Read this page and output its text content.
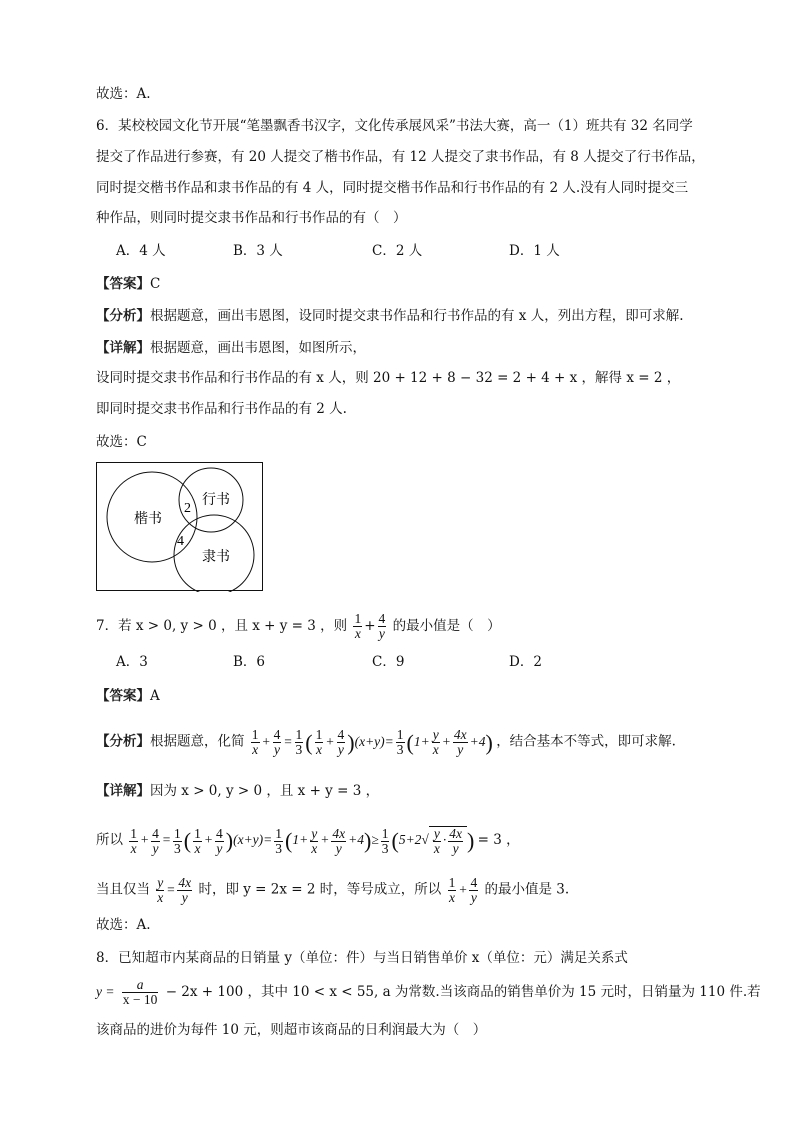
故选：A.
6．某校校园文化节开展“笔墨飘香书汉字，文化传承展风采”书法大赛，高一（1）班共有 32 名同学
提交了作品进行参赛，有 20 人提交了楷书作品，有 12 人提交了隶书作品，有 8 人提交了行书作品，
同时提交楷书作品和隶书作品的有 4 人，同时提交楷书作品和行书作品的有 2 人.没有人同时提交三
种作品，则同时提交隶书作品和行书作品的有（　）
A．4 人	B．3 人	C．2 人	D．1 人
【答案】C
【分析】根据题意，画出韦恩图，设同时提交隶书作品和行书作品的有 x 人，列出方程，即可求解.
【详解】根据题意，画出韦恩图，如图所示，
设同时提交隶书作品和行书作品的有 x 人，则 20 + 12 + 8 − 32 = 2 + 4 + x ，解得 x = 2 ，
即同时提交隶书作品和行书作品的有 2 人.
故选：C
楷书
行书
隶书
2
4
7．若 x > 0, y > 0 ，且 x + y = 3 ，则 $\frac{1}{x} + \frac{4}{y}$ 的最小值是（　）
A．3	B．6	C．9	D．2
【答案】A
【分析】根据题意，化简 $\frac{1}{x} + \frac{4}{y} = \frac{1}{3}$ ( $\frac{1}{x} + \frac{4}{y} )(x+y)= \frac{1}{3} (1+ \frac{y}{x} + \frac{4x}{y} +4)$ ，结合基本不等式，即可求解.
【详解】因为 x > 0, y > 0 ，且 x + y = 3 ，
所以 $\frac{1}{x} + \frac{4}{y} = \frac{1}{3}$ ( $\frac{1}{x} + \frac{4}{y} )(x+y)= \frac{1}{3} (1+ \frac{y}{x} + \frac{4x}{y} +4)\ge \frac{1}{3} (5+2√ \frac{y}{x} \cdot \frac{4x}{y}$ ) = 3 ，
当且仅当 $\frac{y}{x} = \frac{4x}{y}$ 时，即 y = 2x = 2 时，等号成立，所以 $\frac{1}{x} + \frac{4}{y}$ 的最小值是 3.
故选：A.
8．已知超市内某商品的日销量 y（单位：件）与当日销售单价 x（单位：元）满足关系式
$y = \frac{a}{x - 10} - 2x + 100$ ，其中 10 < x < 55, a 为常数.当该商品的销售单价为 15 元时，日销量为 110 件.若
该商品的进价为每件 10 元，则超市该商品的日利润最大为（　）
